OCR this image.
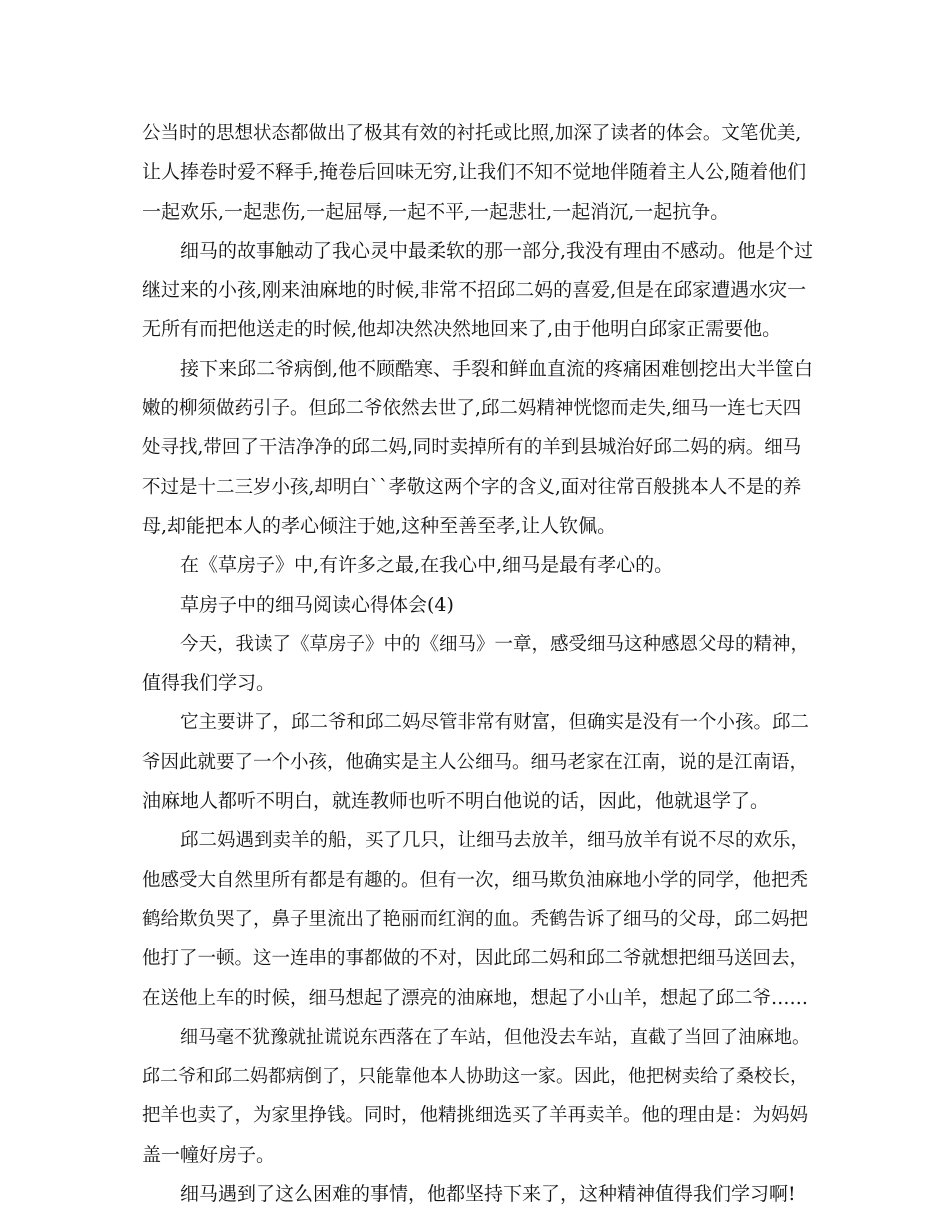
公当时的思想状态都做出了极其有效的衬托或比照,加深了读者的体会。文笔优美,
让人捧卷时爱不释手,掩卷后回味无穷,让我们不知不觉地伴随着主人公,随着他们
一起欢乐,一起悲伤,一起屈辱,一起不平,一起悲壮,一起消沉,一起抗争。
细马的故事触动了我心灵中最柔软的那一部分,我没有理由不感动。他是个过
继过来的小孩,刚来油麻地的时候,非常不招邱二妈的喜爱,但是在邱家遭遇水灾一
无所有而把他送走的时候,他却决然决然地回来了,由于他明白邱家正需要他。
接下来邱二爷病倒,他不顾酷寒、手裂和鲜血直流的疼痛困难刨挖出大半筐白
嫩的柳须做药引子。但邱二爷依然去世了,邱二妈精神恍惚而走失,细马一连七天四
处寻找,带回了干洁净净的邱二妈,同时卖掉所有的羊到县城治好邱二妈的病。细马
不过是十二三岁小孩,却明白``孝敬这两个字的含义,面对往常百般挑本人不是的养
母,却能把本人的孝心倾注于她,这种至善至孝,让人钦佩。
在《草房子》中,有许多之最,在我心中,细马是最有孝心的。
草房子中的细马阅读心得体会(4)
今天，我读了《草房子》中的《细马》一章，感受细马这种感恩父母的精神，
值得我们学习。
它主要讲了，邱二爷和邱二妈尽管非常有财富，但确实是没有一个小孩。邱二
爷因此就要了一个小孩，他确实是主人公细马。细马老家在江南，说的是江南语，
油麻地人都听不明白，就连教师也听不明白他说的话，因此，他就退学了。
邱二妈遇到卖羊的船，买了几只，让细马去放羊，细马放羊有说不尽的欢乐，
他感受大自然里所有都是有趣的。但有一次，细马欺负油麻地小学的同学，他把秃
鹤给欺负哭了，鼻子里流出了艳丽而红润的血。秃鹤告诉了细马的父母，邱二妈把
他打了一顿。这一连串的事都做的不对，因此邱二妈和邱二爷就想把细马送回去，
在送他上车的时候，细马想起了漂亮的油麻地，想起了小山羊，想起了邱二爷……
细马毫不犹豫就扯谎说东西落在了车站，但他没去车站，直截了当回了油麻地。
邱二爷和邱二妈都病倒了，只能靠他本人协助这一家。因此，他把树卖给了桑校长，
把羊也卖了，为家里挣钱。同时，他精挑细选买了羊再卖羊。他的理由是：为妈妈
盖一幢好房子。
细马遇到了这么困难的事情，他都坚持下来了，这种精神值得我们学习啊!
